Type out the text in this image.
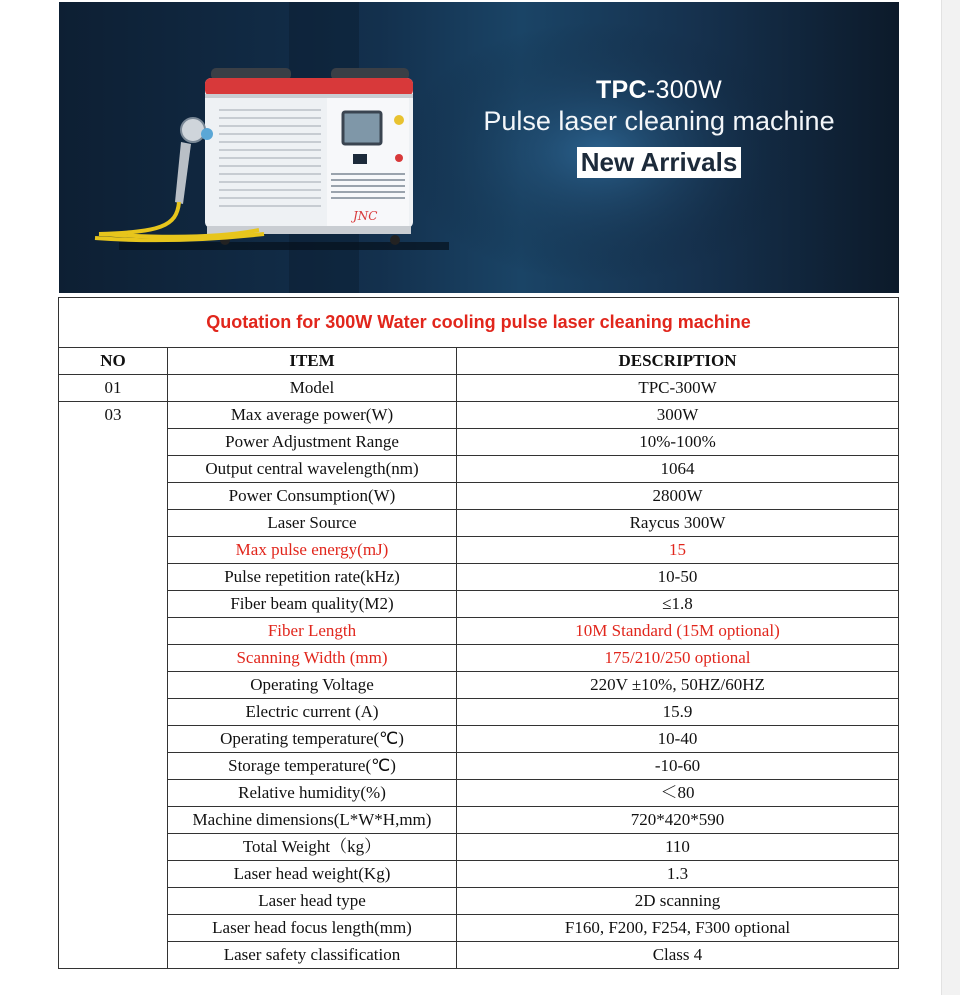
JNC
TPC-300W
Pulse laser cleaning machine
New Arrivals
Quotation for 300W Water cooling pulse laser cleaning machine		
NO	ITEM	DESCRIPTION
01	Model	TPC-300W
03	Max average power(W)	300W
	Power Adjustment Range	10%-100%
	Output central wavelength(nm)	1064
	Power Consumption(W)	2800W
	Laser Source	Raycus 300W
	Max pulse energy(mJ)	15
	Pulse repetition rate(kHz)	10-50
	Fiber beam quality(M2)	≤1.8
	Fiber Length	10M Standard (15M optional)
	Scanning Width (mm)	175/210/250 optional
	Operating Voltage	220V ±10%, 50HZ/60HZ
	Electric current (A)	15.9
	Operating temperature(℃)	10-40
	Storage temperature(℃)	-10-60
	Relative humidity(%)	＜80
	Machine dimensions(L*W*H,mm)	720*420*590
	Total Weight（kg）	110
	Laser head weight(Kg)	1.3
	Laser head type	2D scanning
	Laser head focus length(mm)	F160, F200, F254, F300 optional
	Laser safety classification	Class 4
